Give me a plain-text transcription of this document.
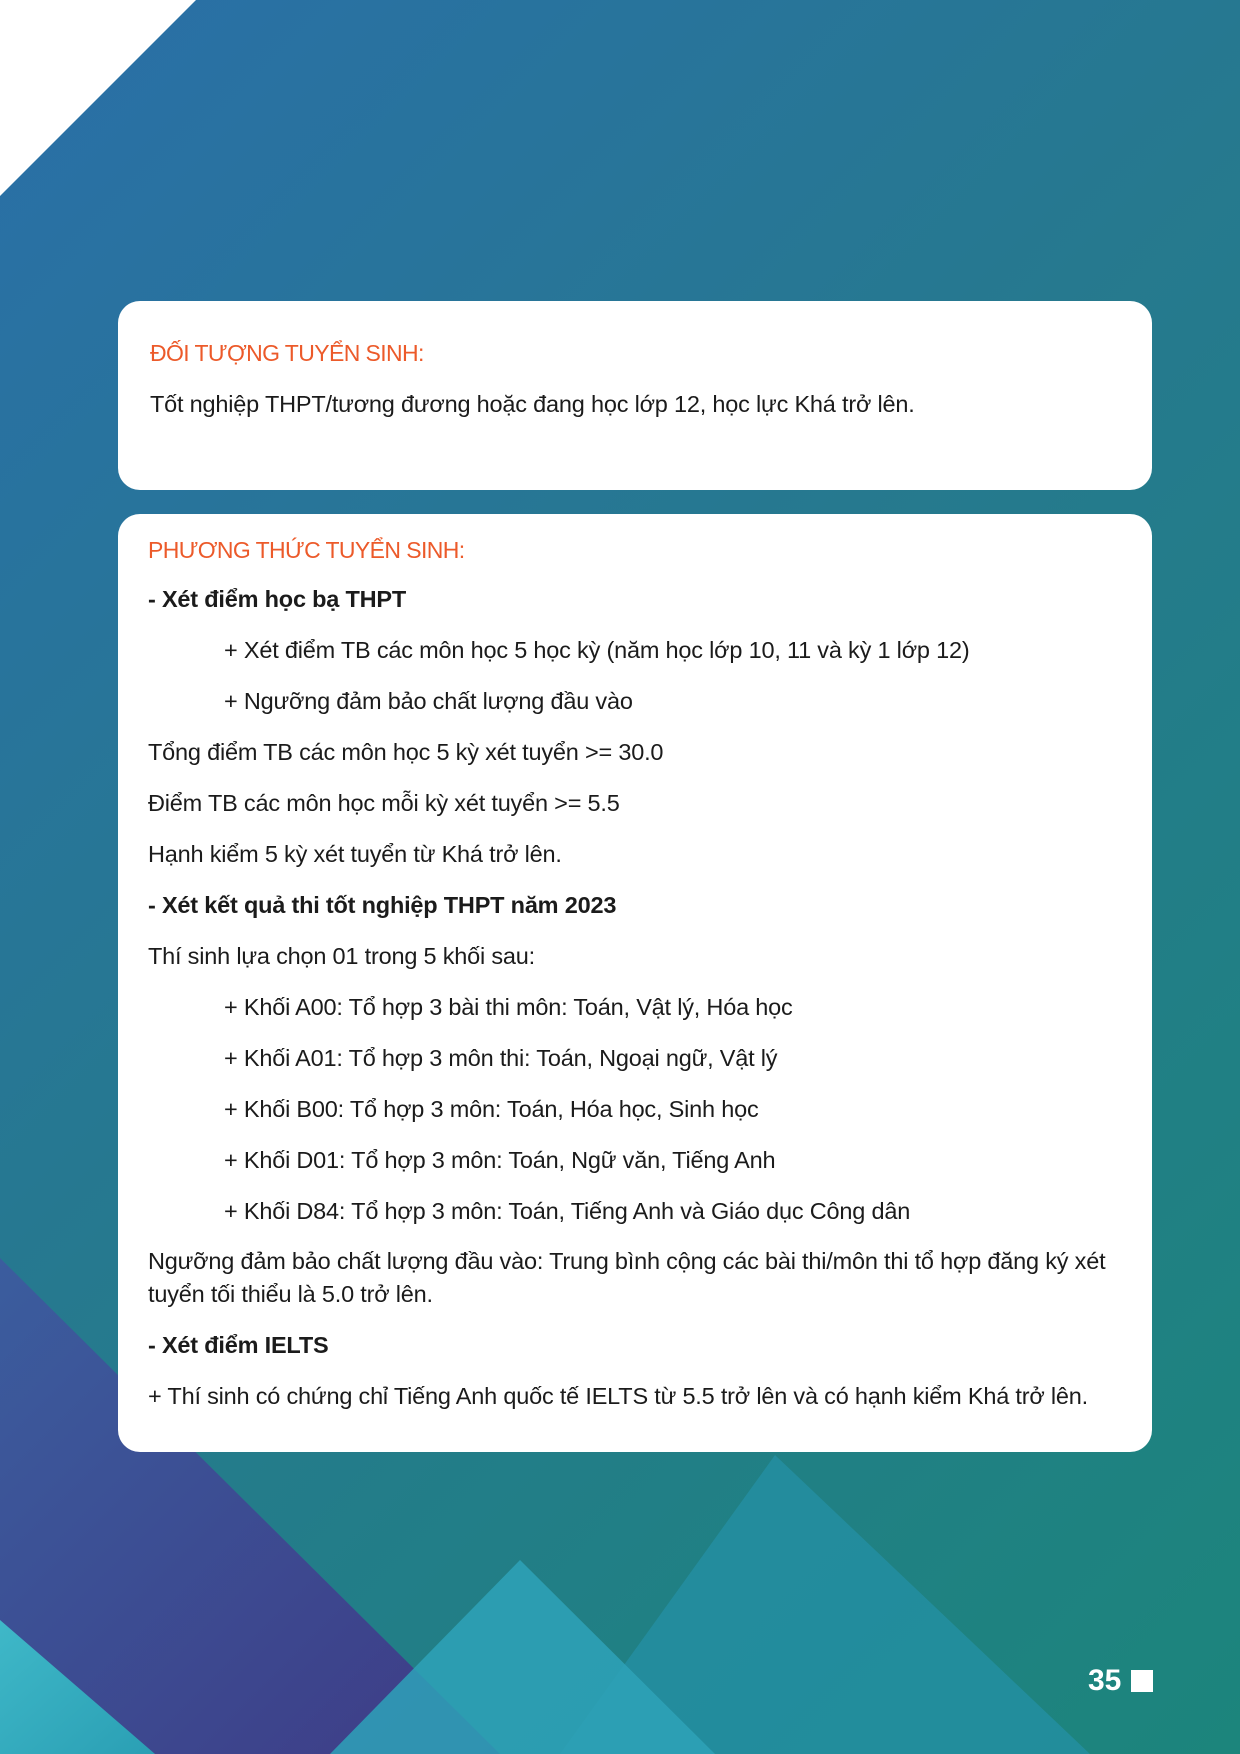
ĐỐI TƯỢNG TUYỂN SINH:

Tốt nghiệp THPT/tương đương hoặc đang học lớp 12, học lực Khá trở lên.

PHƯƠNG THỨC TUYỂN SINH:

- Xét điểm học bạ THPT

+ Xét điểm TB các môn học 5 học kỳ (năm học lớp 10, 11 và kỳ 1 lớp 12)

+ Ngưỡng đảm bảo chất lượng đầu vào

Tổng điểm TB các môn học 5 kỳ xét tuyển >= 30.0

Điểm TB các môn học mỗi kỳ xét tuyển >= 5.5

Hạnh kiểm 5 kỳ xét tuyển từ Khá trở lên.

- Xét kết quả thi tốt nghiệp THPT năm 2023

Thí sinh lựa chọn 01 trong 5 khối sau:

+ Khối A00: Tổ hợp 3 bài thi môn: Toán, Vật lý, Hóa học

+ Khối A01: Tổ hợp 3 môn thi: Toán, Ngoại ngữ, Vật lý

+ Khối B00: Tổ hợp 3 môn: Toán, Hóa học, Sinh học

+ Khối D01: Tổ hợp 3 môn: Toán, Ngữ văn, Tiếng Anh

+ Khối D84: Tổ hợp 3 môn: Toán, Tiếng Anh và Giáo dục Công dân

Ngưỡng đảm bảo chất lượng đầu vào: Trung bình cộng các bài thi/môn thi tổ hợp đăng ký xét tuyển tối thiểu là 5.0 trở lên.

- Xét điểm IELTS

+ Thí sinh có chứng chỉ Tiếng Anh quốc tế IELTS từ 5.5 trở lên và có hạnh kiểm Khá trở lên.

35
